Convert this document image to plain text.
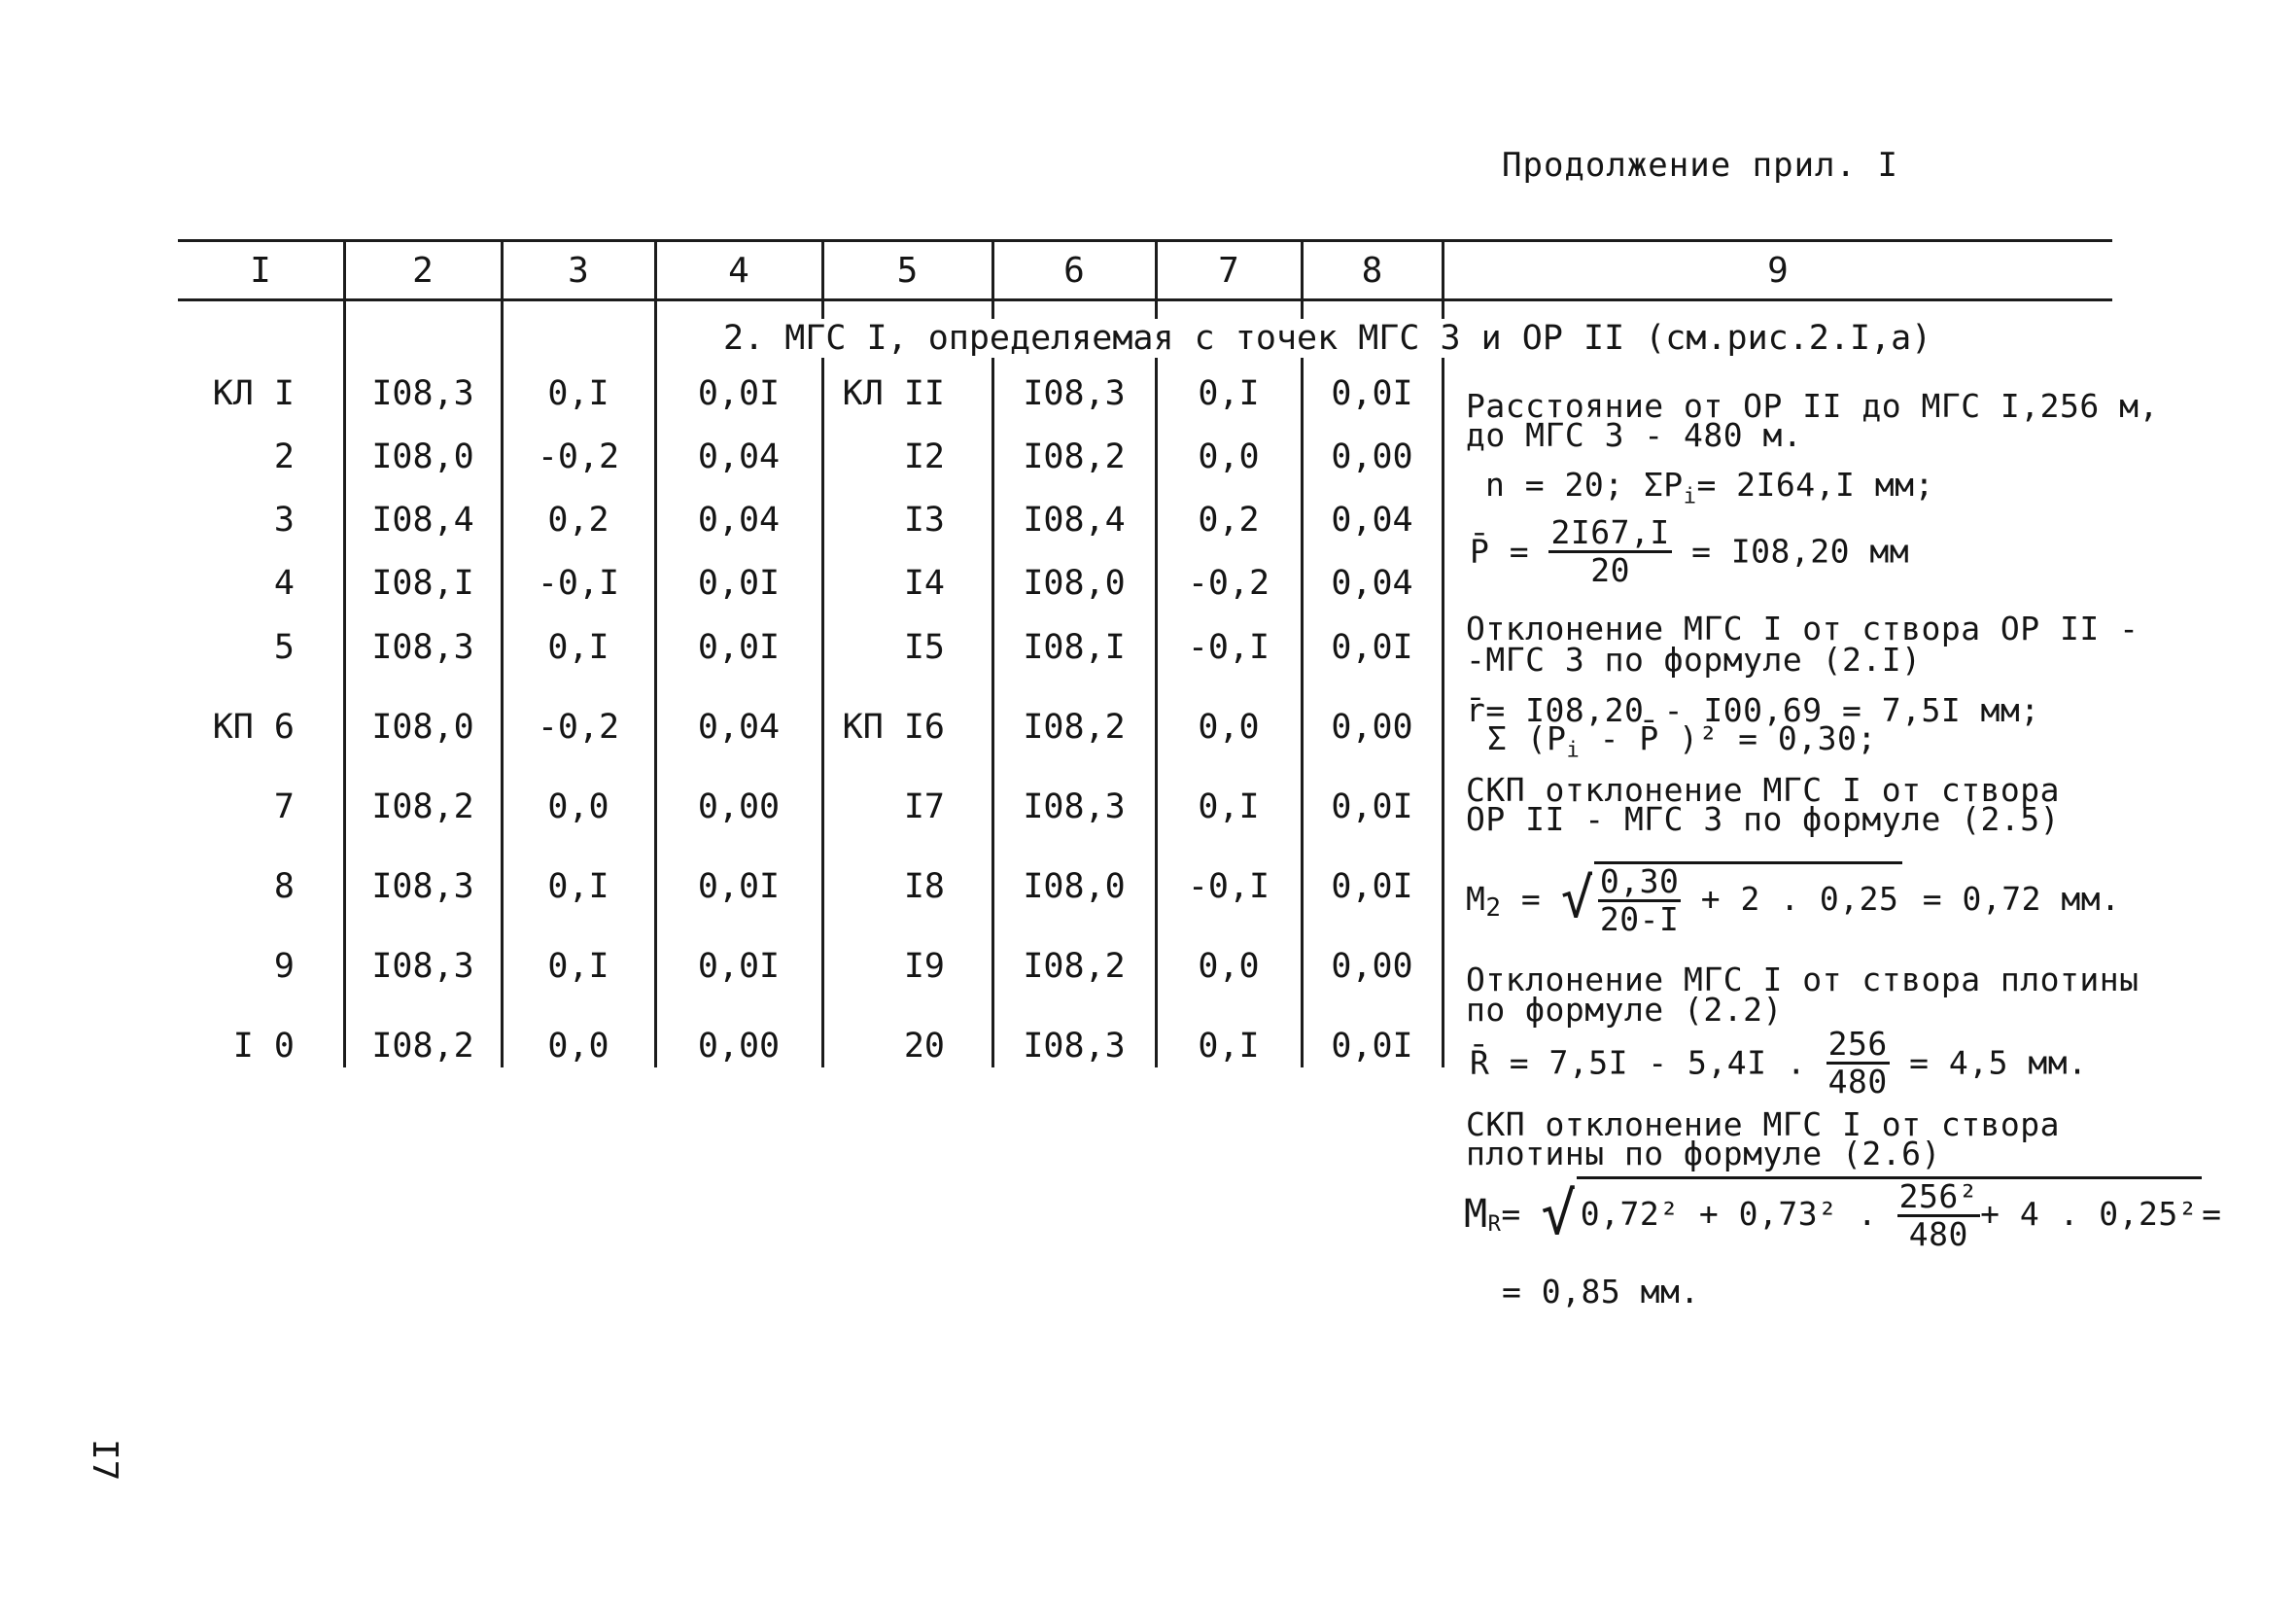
Продолжение прил. I
I7
I	2	3	4	5	6	7	8	9
2. МГС I, определяемая с точек МГС 3 и ОР II (см.рис.2.I,а)
КЛ I	I08,3	0,I	0,0I	КЛ II	I08,3	0,I	0,0I
2	I08,0	-0,2	0,04	I2	I08,2	0,0	0,00
3	I08,4	0,2	0,04	I3	I08,4	0,2	0,04
4	I08,I	-0,I	0,0I	I4	I08,0	-0,2	0,04
5	I08,3	0,I	0,0I	I5	I08,I	-0,I	0,0I
КП 6	I08,0	-0,2	0,04	КП I6	I08,2	0,0	0,00
7	I08,2	0,0	0,00	I7	I08,3	0,I	0,0I
8	I08,3	0,I	0,0I	I8	I08,0	-0,I	0,0I
9	I08,3	0,I	0,0I	I9	I08,2	0,0	0,00
I 0	I08,2	0,0	0,00	20	I08,3	0,I	0,0I
Расстояние от ОР II до МГС I,256 м,
до МГС 3 - 480 м.
n = 20; $\Sigma P_i= 2I64,I$ мм;
P̄ = $\frac{2I67,I}{20} = I08,20$ мм
Отклонение МГС I от створа ОР II -
-МГС 3 по формуле (2.I)
r̄= I08,20 - I00,69 = 7,5I мм;
Σ ($P_i$ - P̄ )² = 0,30;
СКП отклонение МГС I от створа
ОР II - МГС 3 по формуле (2.5)
$M_2$ = √ $\frac{0,30}{20-I} + 2$ . 0,25 = 0,72 мм.
Отклонение МГС I от створа плотины
по формуле (2.2)
R̄ = 7,5I - 5,4I . $\frac{256}{480} = 4,5$ мм.
СКП отклонение МГС I от створа
плотины по формуле (2.6)
$M_R=$ √ 0,72² + 0,73² . $\frac{\text{256²}}{480} + 4$ . 0,25² =
= 0,85 мм.
